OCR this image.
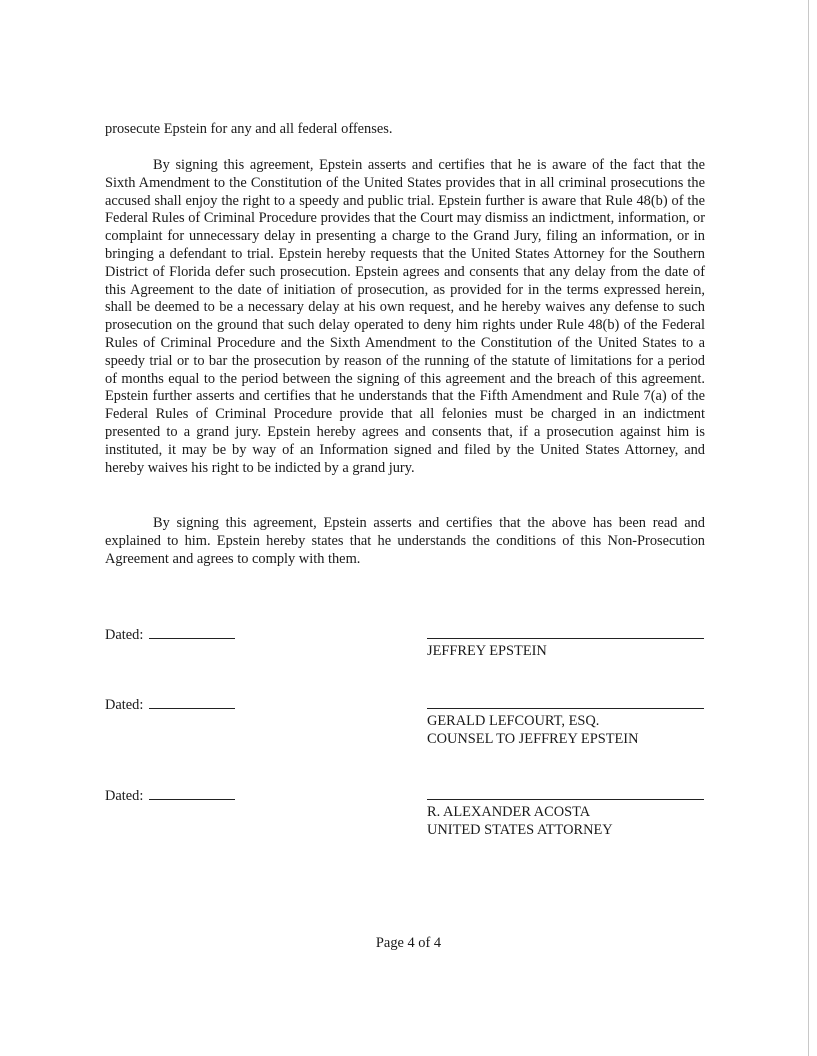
prosecute Epstein for any and all federal offenses.

By signing this agreement, Epstein asserts and certifies that he is aware of the fact that the Sixth Amendment to the Constitution of the United States provides that in all criminal prosecutions the accused shall enjoy the right to a speedy and public trial. Epstein further is aware that Rule 48(b) of the Federal Rules of Criminal Procedure provides that the Court may dismiss an indictment, information, or complaint for unnecessary delay in presenting a charge to the Grand Jury, filing an information, or in bringing a defendant to trial. Epstein hereby requests that the United States Attorney for the Southern District of Florida defer such prosecution. Epstein agrees and consents that any delay from the date of this Agreement to the date of initiation of prosecution, as provided for in the terms expressed herein, shall be deemed to be a necessary delay at his own request, and he hereby waives any defense to such prosecution on the ground that such delay operated to deny him rights under Rule 48(b) of the Federal Rules of Criminal Procedure and the Sixth Amendment to the Constitution of the United States to a speedy trial or to bar the prosecution by reason of the running of the statute of limitations for a period of months equal to the period between the signing of this agreement and the breach of this agreement. Epstein further asserts and certifies that he understands that the Fifth Amendment and Rule 7(a) of the Federal Rules of Criminal Procedure provide that all felonies must be charged in an indictment presented to a grand jury. Epstein hereby agrees and consents that, if a prosecution against him is instituted, it may be by way of an Information signed and filed by the United States Attorney, and hereby waives his right to be indicted by a grand jury.

By signing this agreement, Epstein asserts and certifies that the above has been read and explained to him. Epstein hereby states that he understands the conditions of this Non-Prosecution Agreement and agrees to comply with them.

Dated:
JEFFREY EPSTEIN
Dated:
GERALD LEFCOURT, ESQ.
COUNSEL TO JEFFREY EPSTEIN
Dated:
R. ALEXANDER ACOSTA
UNITED STATES ATTORNEY
Page 4 of 4
